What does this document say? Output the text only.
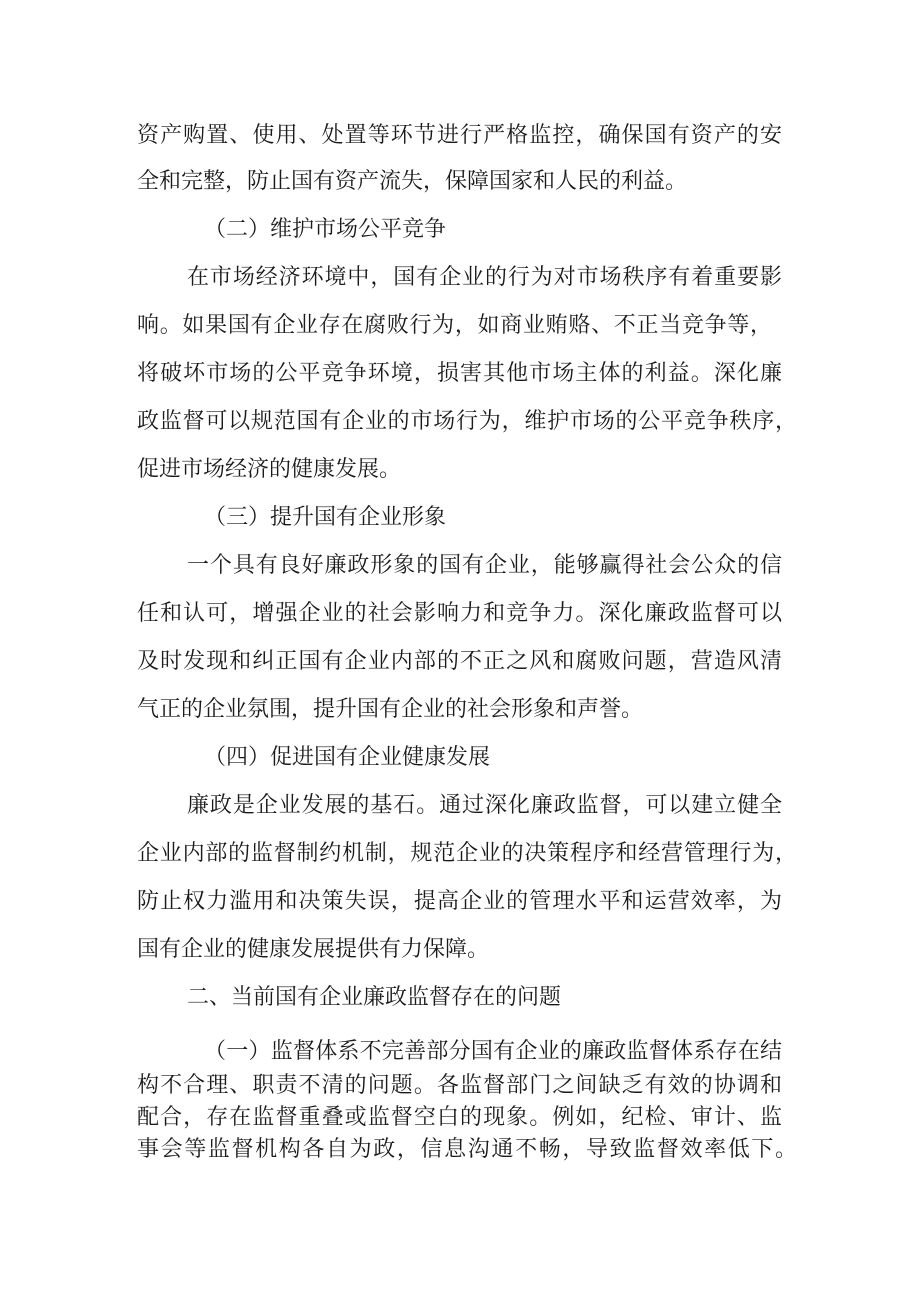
资产购置、使用、处置等环节进行严格监控，确保国有资产的安

全和完整，防止国有资产流失，保障国家和人民的利益。

（二）维护市场公平竞争

在市场经济环境中，国有企业的行为对市场秩序有着重要影

响。如果国有企业存在腐败行为，如商业贿赂、不正当竞争等，

将破坏市场的公平竞争环境，损害其他市场主体的利益。深化廉

政监督可以规范国有企业的市场行为，维护市场的公平竞争秩序，

促进市场经济的健康发展。

（三）提升国有企业形象

一个具有良好廉政形象的国有企业，能够赢得社会公众的信

任和认可，增强企业的社会影响力和竞争力。深化廉政监督可以

及时发现和纠正国有企业内部的不正之风和腐败问题，营造风清

气正的企业氛围，提升国有企业的社会形象和声誉。

（四）促进国有企业健康发展

廉政是企业发展的基石。通过深化廉政监督，可以建立健全

企业内部的监督制约机制，规范企业的决策程序和经营管理行为，

防止权力滥用和决策失误，提高企业的管理水平和运营效率，为

国有企业的健康发展提供有力保障。

二、当前国有企业廉政监督存在的问题

（一）监督体系不完善部分国有企业的廉政监督体系存在结

构不合理、职责不清的问题。各监督部门之间缺乏有效的协调和

配合，存在监督重叠或监督空白的现象。例如，纪检、审计、监

事会等监督机构各自为政，信息沟通不畅，导致监督效率低下。
